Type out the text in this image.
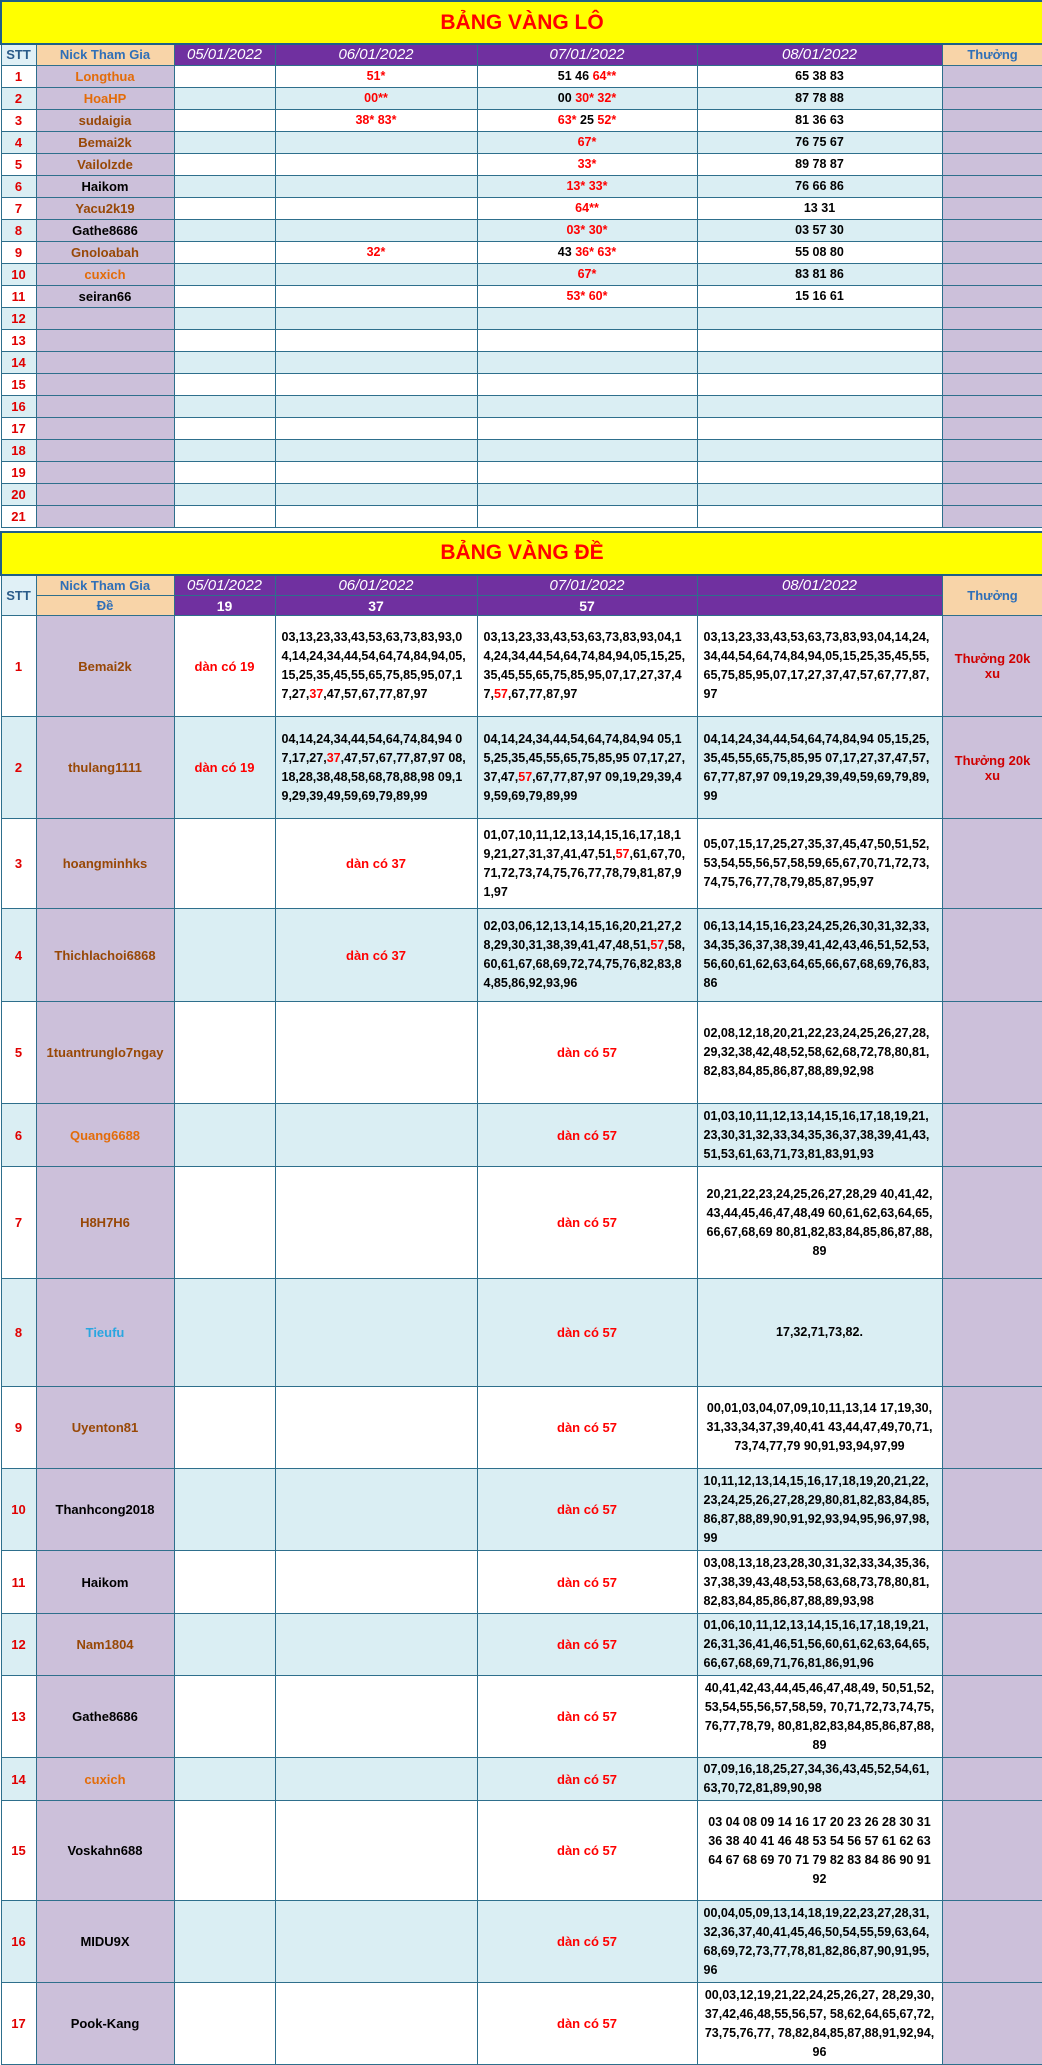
BẢNG VÀNG LÔ						
STT	Nick Tham Gia	05/01/2022	06/01/2022	07/01/2022	08/01/2022	Thưởng
1	Longthua		51*	51 46 64**	65 38 83	
2	HoaHP		00**	00 30* 32*	87 78 88	
3	sudaigia		38* 83*	63* 25 52*	81 36 63	
4	Bemai2k			67*	76 75 67	
5	Vailolzde			33*	89 78 87	
6	Haikom			13* 33*	76 66 86	
7	Yacu2k19			64**	13 31	
8	Gathe8686			03* 30*	03 57 30	
9	Gnoloabah		32*	43 36* 63*	55 08 80	
10	cuxich			67*	83 81 86	
11	seiran66			53* 60*	15 16 61	
12						
13						
14						
15						
16						
17						
18						
19						
20						
21						
BẢNG VÀNG ĐỀ						
STT	Nick Tham Gia	05/01/2022	06/01/2022	07/01/2022	08/01/2022	Thưởng
	Đề	19	37	57		
1	Bemai2k	dàn có 19	03,13,23,33,43,53,63,73,83,93,04,14,24,34,44,54,64,74,84,94,05,15,25,35,45,55,65,75,85,95,07,17,27,37,47,57,67,77,87,97	03,13,23,33,43,53,63,73,83,93,04,14,24,34,44,54,64,74,84,94,05,15,25,35,45,55,65,75,85,95,07,17,27,37,47,57,67,77,87,97	03,13,23,33,43,53,63,73,83,93,04,14,24,34,44,54,64,74,84,94,05,15,25,35,45,55,65,75,85,95,07,17,27,37,47,57,67,77,87,97	Thưởng 20k xu
2	thulang1111	dàn có 19	04,14,24,34,44,54,64,74,84,94 07,17,27,37,47,57,67,77,87,97 08,18,28,38,48,58,68,78,88,98 09,19,29,39,49,59,69,79,89,99	04,14,24,34,44,54,64,74,84,94 05,15,25,35,45,55,65,75,85,95 07,17,27,37,47,57,67,77,87,97 09,19,29,39,49,59,69,79,89,99	04,14,24,34,44,54,64,74,84,94 05,15,25,35,45,55,65,75,85,95 07,17,27,37,47,57,67,77,87,97 09,19,29,39,49,59,69,79,89,99	Thưởng 20k xu
3	hoangminhks		dàn có 37	01,07,10,11,12,13,14,15,16,17,18,19,21,27,31,37,41,47,51,57,61,67,70,71,72,73,74,75,76,77,78,79,81,87,91,97	05,07,15,17,25,27,35,37,45,47,50,51,52,53,54,55,56,57,58,59,65,67,70,71,72,73,74,75,76,77,78,79,85,87,95,97	
4	Thichlachoi6868		dàn có 37	02,03,06,12,13,14,15,16,20,21,27,28,29,30,31,38,39,41,47,48,51,57,58,60,61,67,68,69,72,74,75,76,82,83,84,85,86,92,93,96	06,13,14,15,16,23,24,25,26,30,31,32,33,34,35,36,37,38,39,41,42,43,46,51,52,53,56,60,61,62,63,64,65,66,67,68,69,76,83,86	
5	1tuantrunglo7ngay			dàn có 57	02,08,12,18,20,21,22,23,24,25,26,27,28,29,32,38,42,48,52,58,62,68,72,78,80,81,82,83,84,85,86,87,88,89,92,98	
6	Quang6688			dàn có 57	01,03,10,11,12,13,14,15,16,17,18,19,21,23,30,31,32,33,34,35,36,37,38,39,41,43,51,53,61,63,71,73,81,83,91,93	
7	H8H7H6			dàn có 57	20,21,22,23,24,25,26,27,28,29 40,41,42,43,44,45,46,47,48,49 60,61,62,63,64,65,66,67,68,69 80,81,82,83,84,85,86,87,88,89	
8	Tieufu			dàn có 57	17,32,71,73,82.	
9	Uyenton81			dàn có 57	00,01,03,04,07,09,10,11,13,14 17,19,30,31,33,34,37,39,40,41 43,44,47,49,70,71,73,74,77,79 90,91,93,94,97,99	
10	Thanhcong2018			dàn có 57	10,11,12,13,14,15,16,17,18,19,20,21,22,23,24,25,26,27,28,29,80,81,82,83,84,85,86,87,88,89,90,91,92,93,94,95,96,97,98,99	
11	Haikom			dàn có 57	03,08,13,18,23,28,30,31,32,33,34,35,36,37,38,39,43,48,53,58,63,68,73,78,80,81,82,83,84,85,86,87,88,89,93,98	
12	Nam1804			dàn có 57	01,06,10,11,12,13,14,15,16,17,18,19,21,26,31,36,41,46,51,56,60,61,62,63,64,65,66,67,68,69,71,76,81,86,91,96	
13	Gathe8686			dàn có 57	40,41,42,43,44,45,46,47,48,49, 50,51,52,53,54,55,56,57,58,59, 70,71,72,73,74,75,76,77,78,79, 80,81,82,83,84,85,86,87,88,89	
14	cuxich			dàn có 57	07,09,16,18,25,27,34,36,43,45,52,54,61,63,70,72,81,89,90,98	
15	Voskahn688			dàn có 57	03 04 08 09 14 16 17 20 23 26 28 30 31 36 38 40 41 46 48 53 54 56 57 61 62 63 64 67 68 69 70 71 79 82 83 84 86 90 91 92	
16	MIDU9X			dàn có 57	00,04,05,09,13,14,18,19,22,23,27,28,31,32,36,37,40,41,45,46,50,54,55,59,63,64,68,69,72,73,77,78,81,82,86,87,90,91,95,96	
17	Pook-Kang			dàn có 57	00,03,12,19,21,22,24,25,26,27, 28,29,30,37,42,46,48,55,56,57, 58,62,64,65,67,72,73,75,76,77, 78,82,84,85,87,88,91,92,94,96	
